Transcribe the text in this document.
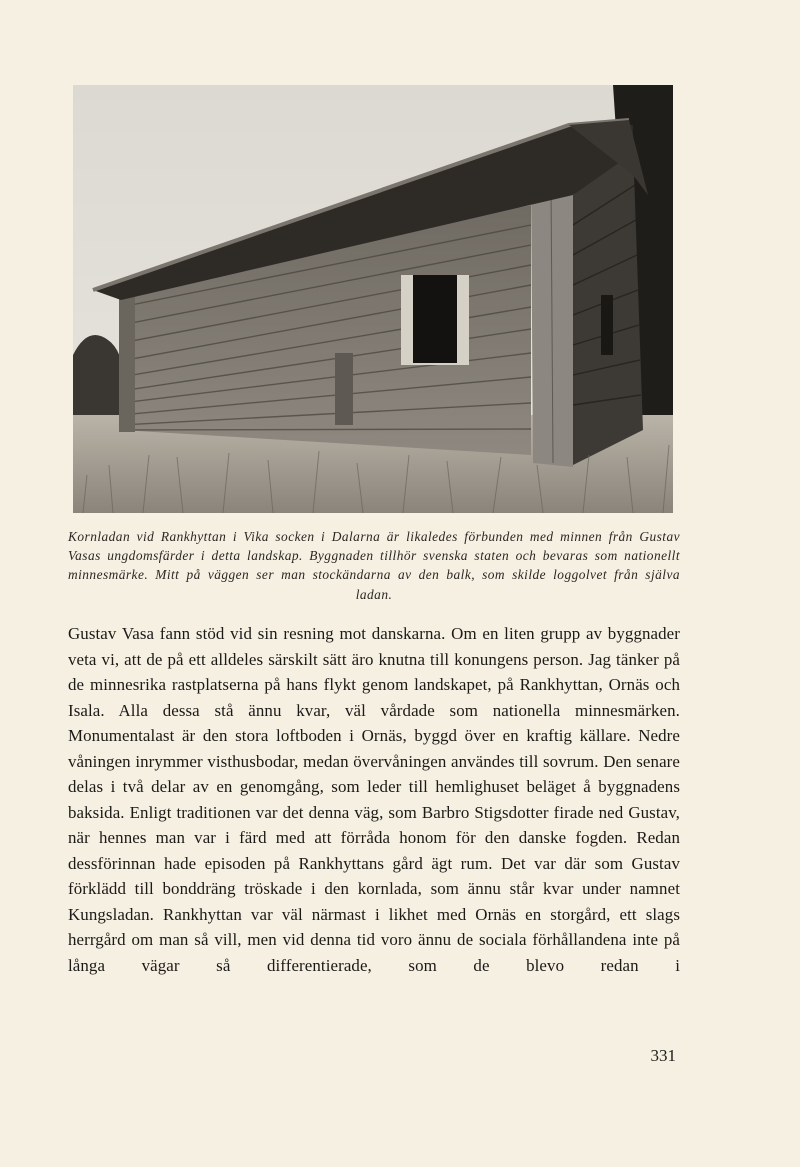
Kornladan vid Rankhyttan i Vika socken i Dalarna är likaledes förbunden med minnen från Gustav Vasas ungdomsfärder i detta landskap. Byggnaden tillhör svenska staten och bevaras som nationellt minnesmärke. Mitt på väggen ser man stockändarna av den balk, som skilde loggolvet från själva ladan.
Gustav Vasa fann stöd vid sin resning mot danskarna. Om en liten grupp av byggnader veta vi, att de på ett alldeles särskilt sätt äro knutna till konungens person. Jag tänker på de minnesrika rastplatserna på hans flykt genom landskapet, på Rankhyttan, Ornäs och Isala. Alla dessa stå ännu kvar, väl vårdade som nationella minnesmärken. Monumentalast är den stora loftboden i Ornäs, byggd över en kraftig källare. Nedre våningen inrymmer visthusbodar, medan övervåningen användes till sovrum. Den senare delas i två delar av en genomgång, som leder till hemlighuset beläget å byggnadens baksida. Enligt traditionen var det denna väg, som Barbro Stigsdotter firade ned Gustav, när hennes man var i färd med att förråda honom för den danske fogden. Redan dessförinnan hade episoden på Rankhyttans gård ägt rum. Det var där som Gustav förklädd till bonddräng tröskade i den kornlada, som ännu står kvar under namnet Kungsladan. Rankhyttan var väl närmast i likhet med Ornäs en storgård, ett slags herrgård om man så vill, men vid denna tid voro ännu de sociala förhållandena inte på långa vägar så differentierade, som de blevo redan i
331
